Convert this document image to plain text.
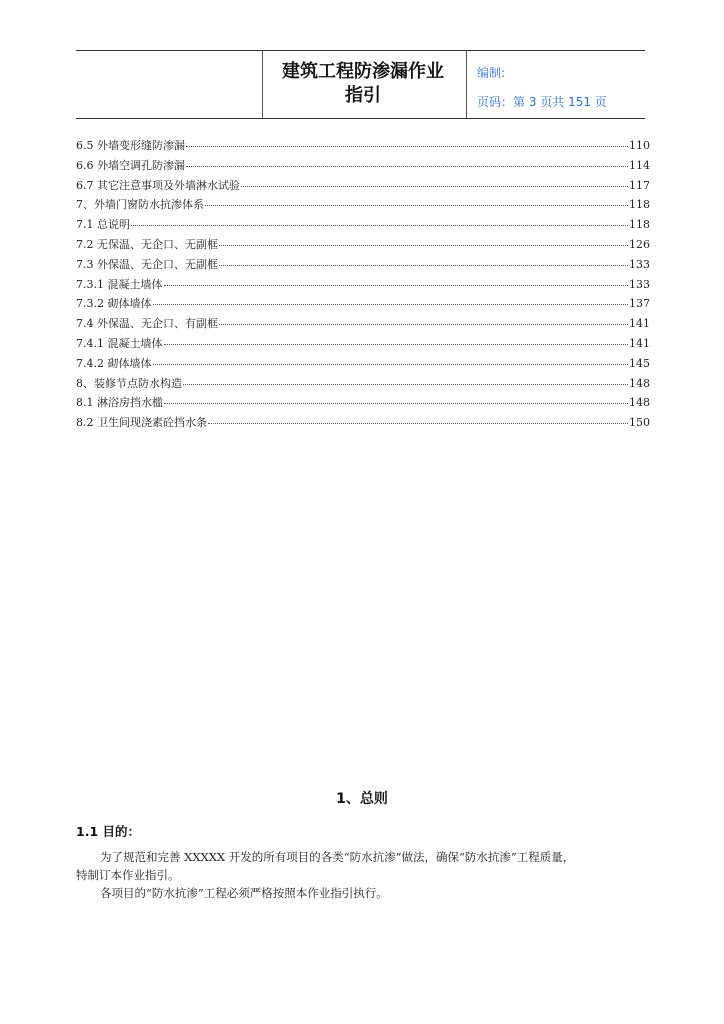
建筑工程防渗漏作业
指引
编制:
页码：第 3 页共 151 页
6.5 外墙变形缝防渗漏	110
6.6 外墙空调孔防渗漏	114
6.7 其它注意事项及外墙淋水试验	117
7、外墙门窗防水抗渗体系	118
7.1 总说明	118
7.2 无保温、无企口、无副框	126
7.3 外保温、无企口、无副框	133
7.3.1 混凝土墙体	133
7.3.2 砌体墙体	137
7.4 外保温、无企口、有副框	141
7.4.1 混凝土墙体	141
7.4.2 砌体墙体	145
8、装修节点防水构造	148
8.1 淋浴房挡水槛	148
8.2 卫生间现浇素砼挡水条	150
1、总则
1.1 目的：
为了规范和完善 XXXXX 开发的所有项目的各类“防水抗渗”做法，确保“防水抗渗”工程质量，
特制订本作业指引。
各项目的“防水抗渗”工程必须严格按照本作业指引执行。
